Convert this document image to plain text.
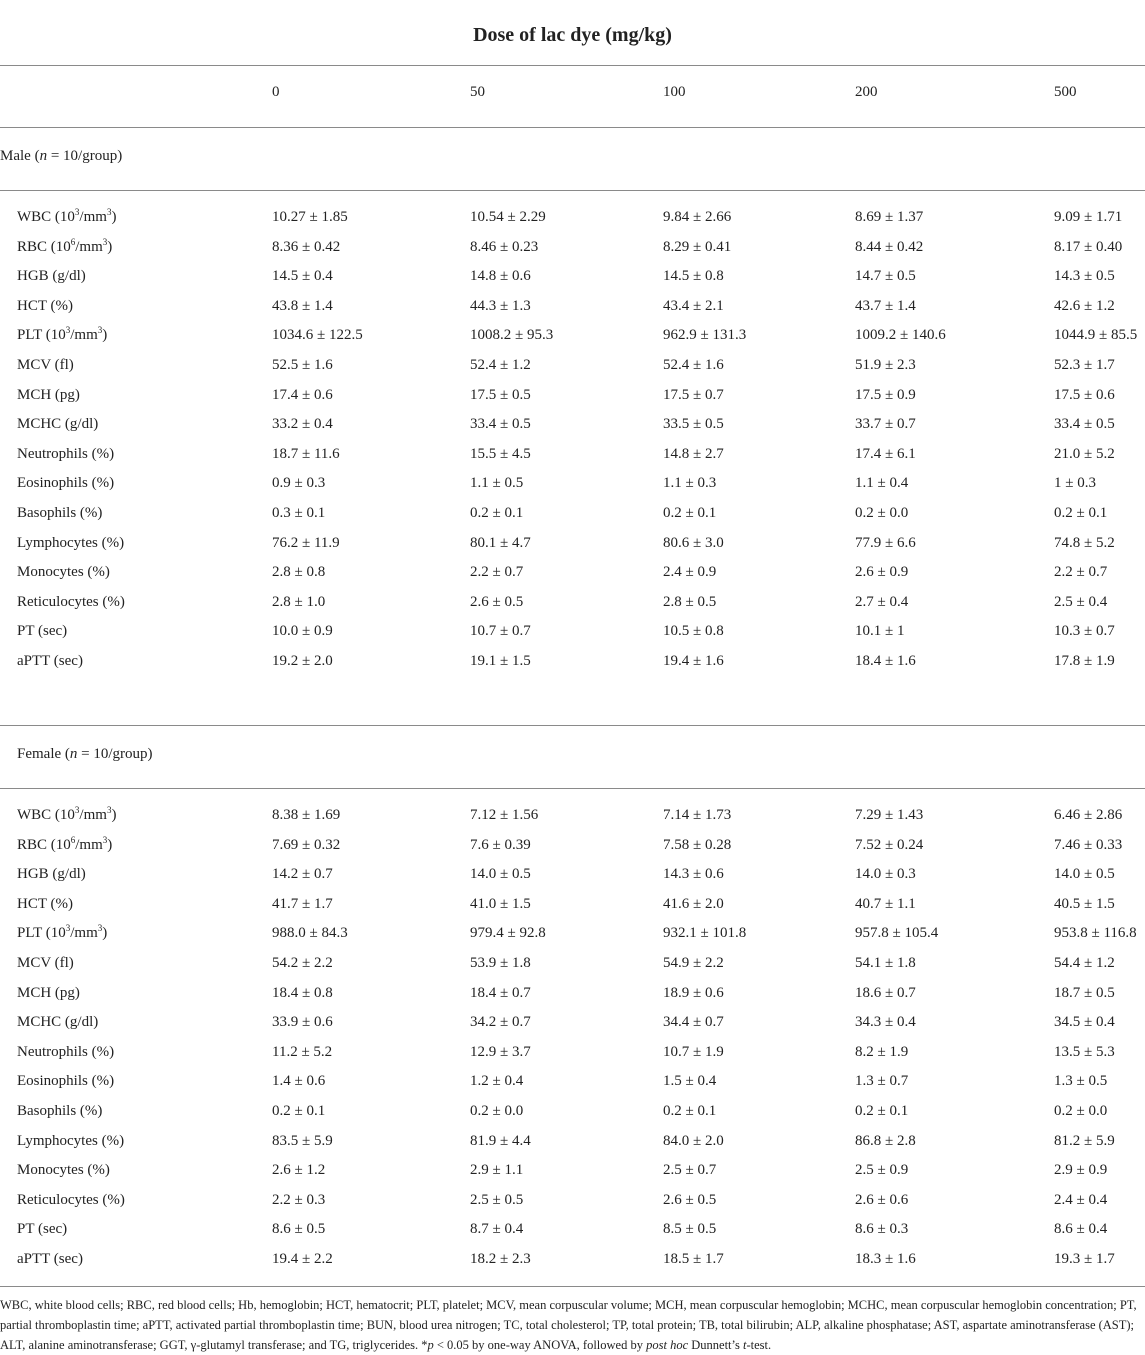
Dose of lac dye (mg/kg)
0	50	100	200	500
Male (n = 10/group)
WBC $(10^3/mm^3)$	10.27 ± 1.85	10.54 ± 2.29	9.84 ± 2.66	8.69 ± 1.37	9.09 ± 1.71
RBC $(10^6/mm^3)$	8.36 ± 0.42	8.46 ± 0.23	8.29 ± 0.41	8.44 ± 0.42	8.17 ± 0.40
HGB (g/dl)	14.5 ± 0.4	14.8 ± 0.6	14.5 ± 0.8	14.7 ± 0.5	14.3 ± 0.5
HCT (%)	43.8 ± 1.4	44.3 ± 1.3	43.4 ± 2.1	43.7 ± 1.4	42.6 ± 1.2
PLT $(10^3/mm^3)$	1034.6 ± 122.5	1008.2 ± 95.3	962.9 ± 131.3	1009.2 ± 140.6	1044.9 ± 85.5
MCV (fl)	52.5 ± 1.6	52.4 ± 1.2	52.4 ± 1.6	51.9 ± 2.3	52.3 ± 1.7
MCH (pg)	17.4 ± 0.6	17.5 ± 0.5	17.5 ± 0.7	17.5 ± 0.9	17.5 ± 0.6
MCHC (g/dl)	33.2 ± 0.4	33.4 ± 0.5	33.5 ± 0.5	33.7 ± 0.7	33.4 ± 0.5
Neutrophils (%)	18.7 ± 11.6	15.5 ± 4.5	14.8 ± 2.7	17.4 ± 6.1	21.0 ± 5.2
Eosinophils (%)	0.9 ± 0.3	1.1 ± 0.5	1.1 ± 0.3	1.1 ± 0.4	1 ± 0.3
Basophils (%)	0.3 ± 0.1	0.2 ± 0.1	0.2 ± 0.1	0.2 ± 0.0	0.2 ± 0.1
Lymphocytes (%)	76.2 ± 11.9	80.1 ± 4.7	80.6 ± 3.0	77.9 ± 6.6	74.8 ± 5.2
Monocytes (%)	2.8 ± 0.8	2.2 ± 0.7	2.4 ± 0.9	2.6 ± 0.9	2.2 ± 0.7
Reticulocytes (%)	2.8 ± 1.0	2.6 ± 0.5	2.8 ± 0.5	2.7 ± 0.4	2.5 ± 0.4
PT (sec)	10.0 ± 0.9	10.7 ± 0.7	10.5 ± 0.8	10.1 ± 1	10.3 ± 0.7
aPTT (sec)	19.2 ± 2.0	19.1 ± 1.5	19.4 ± 1.6	18.4 ± 1.6	17.8 ± 1.9
Female (n = 10/group)
WBC $(10^3/mm^3)$	8.38 ± 1.69	7.12 ± 1.56	7.14 ± 1.73	7.29 ± 1.43	6.46 ± 2.86
RBC $(10^6/mm^3)$	7.69 ± 0.32	7.6 ± 0.39	7.58 ± 0.28	7.52 ± 0.24	7.46 ± 0.33
HGB (g/dl)	14.2 ± 0.7	14.0 ± 0.5	14.3 ± 0.6	14.0 ± 0.3	14.0 ± 0.5
HCT (%)	41.7 ± 1.7	41.0 ± 1.5	41.6 ± 2.0	40.7 ± 1.1	40.5 ± 1.5
PLT $(10^3/mm^3)$	988.0 ± 84.3	979.4 ± 92.8	932.1 ± 101.8	957.8 ± 105.4	953.8 ± 116.8
MCV (fl)	54.2 ± 2.2	53.9 ± 1.8	54.9 ± 2.2	54.1 ± 1.8	54.4 ± 1.2
MCH (pg)	18.4 ± 0.8	18.4 ± 0.7	18.9 ± 0.6	18.6 ± 0.7	18.7 ± 0.5
MCHC (g/dl)	33.9 ± 0.6	34.2 ± 0.7	34.4 ± 0.7	34.3 ± 0.4	34.5 ± 0.4
Neutrophils (%)	11.2 ± 5.2	12.9 ± 3.7	10.7 ± 1.9	8.2 ± 1.9	13.5 ± 5.3
Eosinophils (%)	1.4 ± 0.6	1.2 ± 0.4	1.5 ± 0.4	1.3 ± 0.7	1.3 ± 0.5
Basophils (%)	0.2 ± 0.1	0.2 ± 0.0	0.2 ± 0.1	0.2 ± 0.1	0.2 ± 0.0
Lymphocytes (%)	83.5 ± 5.9	81.9 ± 4.4	84.0 ± 2.0	86.8 ± 2.8	81.2 ± 5.9
Monocytes (%)	2.6 ± 1.2	2.9 ± 1.1	2.5 ± 0.7	2.5 ± 0.9	2.9 ± 0.9
Reticulocytes (%)	2.2 ± 0.3	2.5 ± 0.5	2.6 ± 0.5	2.6 ± 0.6	2.4 ± 0.4
PT (sec)	8.6 ± 0.5	8.7 ± 0.4	8.5 ± 0.5	8.6 ± 0.3	8.6 ± 0.4
aPTT (sec)	19.4 ± 2.2	18.2 ± 2.3	18.5 ± 1.7	18.3 ± 1.6	19.3 ± 1.7
WBC, white blood cells; RBC, red blood cells; Hb, hemoglobin; HCT, hematocrit; PLT, platelet; MCV, mean corpuscular volume; MCH, mean corpuscular hemoglobin; MCHC, mean corpuscular hemoglobin concentration; PT, partial thromboplastin time; aPTT, activated partial thromboplastin time; BUN, blood urea nitrogen; TC, total cholesterol; TP, total protein; TB, total bilirubin; ALP, alkaline phosphatase; AST, aspartate aminotransferase (AST); ALT, alanine aminotransferase; GGT, γ-glutamyl transferase; and TG, triglycerides. *p < 0.05 by one-way ANOVA, followed by post hoc Dunnett’s t-test.
